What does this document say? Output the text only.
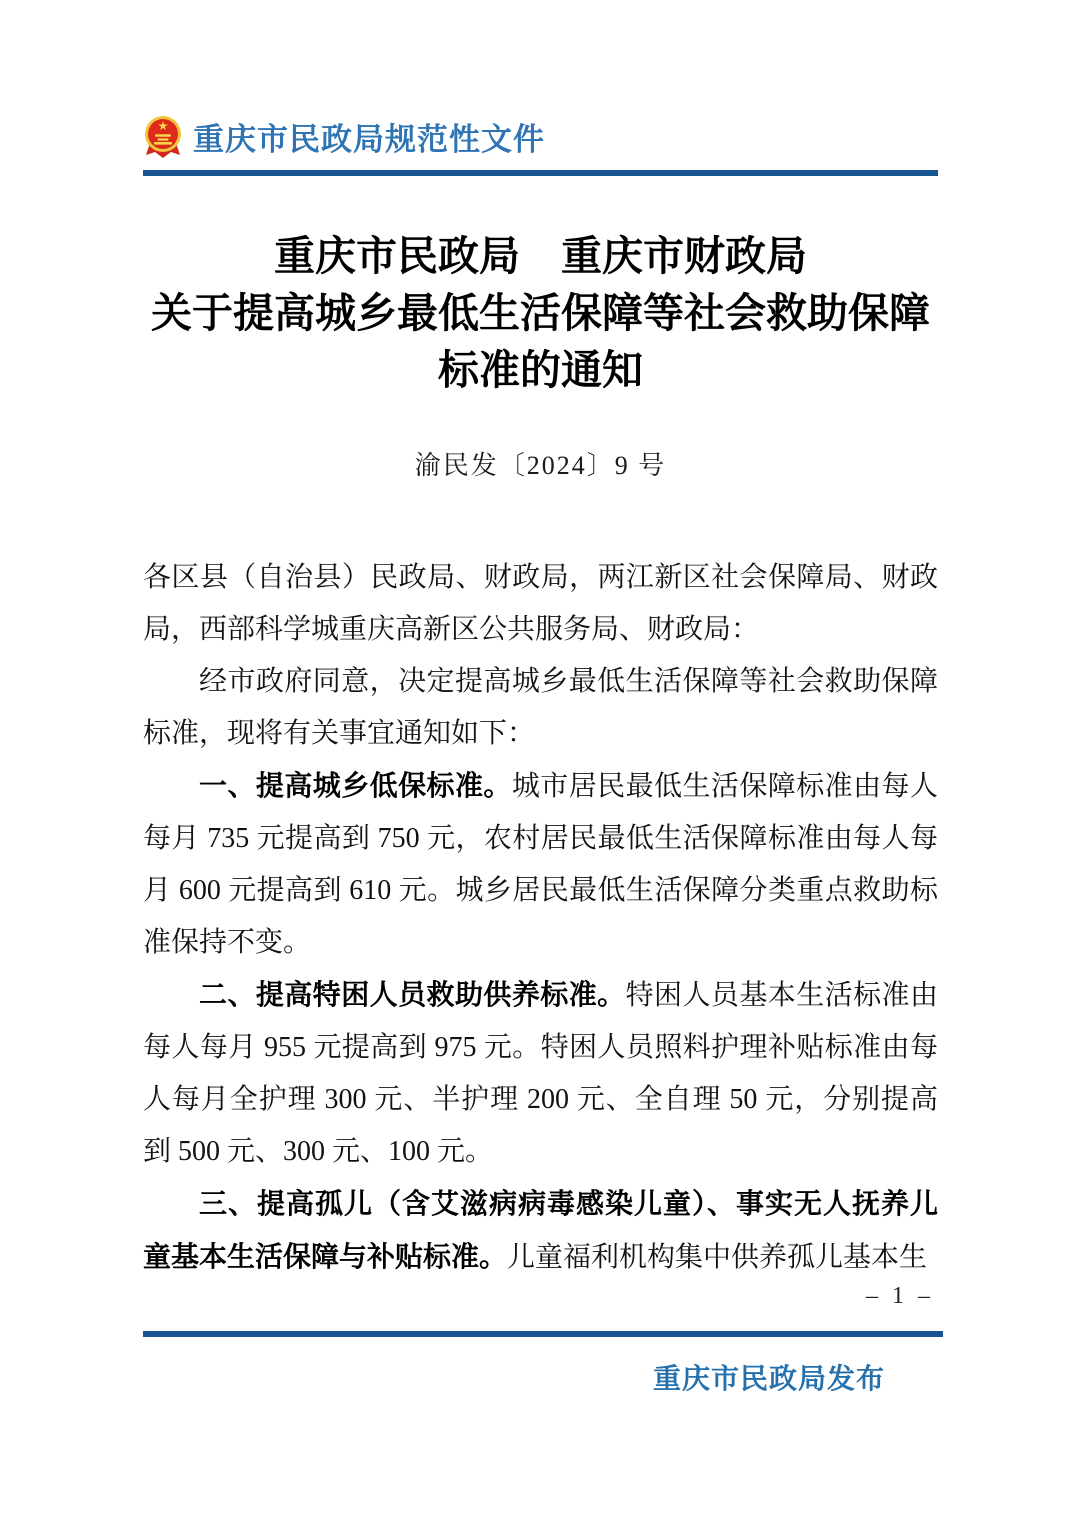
★ 重庆市民政局规范性文件
重庆市民政局　重庆市财政局
关于提高城乡最低生活保障等社会救助保障
标准的通知
渝民发〔2024〕9 号

各区县（自治县）民政局、财政局，两江新区社会保障局、财政局，西部科学城重庆高新区公共服务局、财政局：

经市政府同意，决定提高城乡最低生活保障等社会救助保障标准，现将有关事宜通知如下：

一、提高城乡低保标准。城市居民最低生活保障标准由每人每月 735 元提高到 750 元，农村居民最低生活保障标准由每人每月 600 元提高到 610 元。城乡居民最低生活保障分类重点救助标准保持不变。

二、提高特困人员救助供养标准。特困人员基本生活标准由每人每月 955 元提高到 975 元。特困人员照料护理补贴标准由每人每月全护理 300 元、半护理 200 元、全自理 50 元，分别提高到 500 元、300 元、100 元。

三、提高孤儿（含艾滋病病毒感染儿童）、事实无人抚养儿童基本生活保障与补贴标准。儿童福利机构集中供养孤儿基本生

– 1 –
重庆市民政局发布
